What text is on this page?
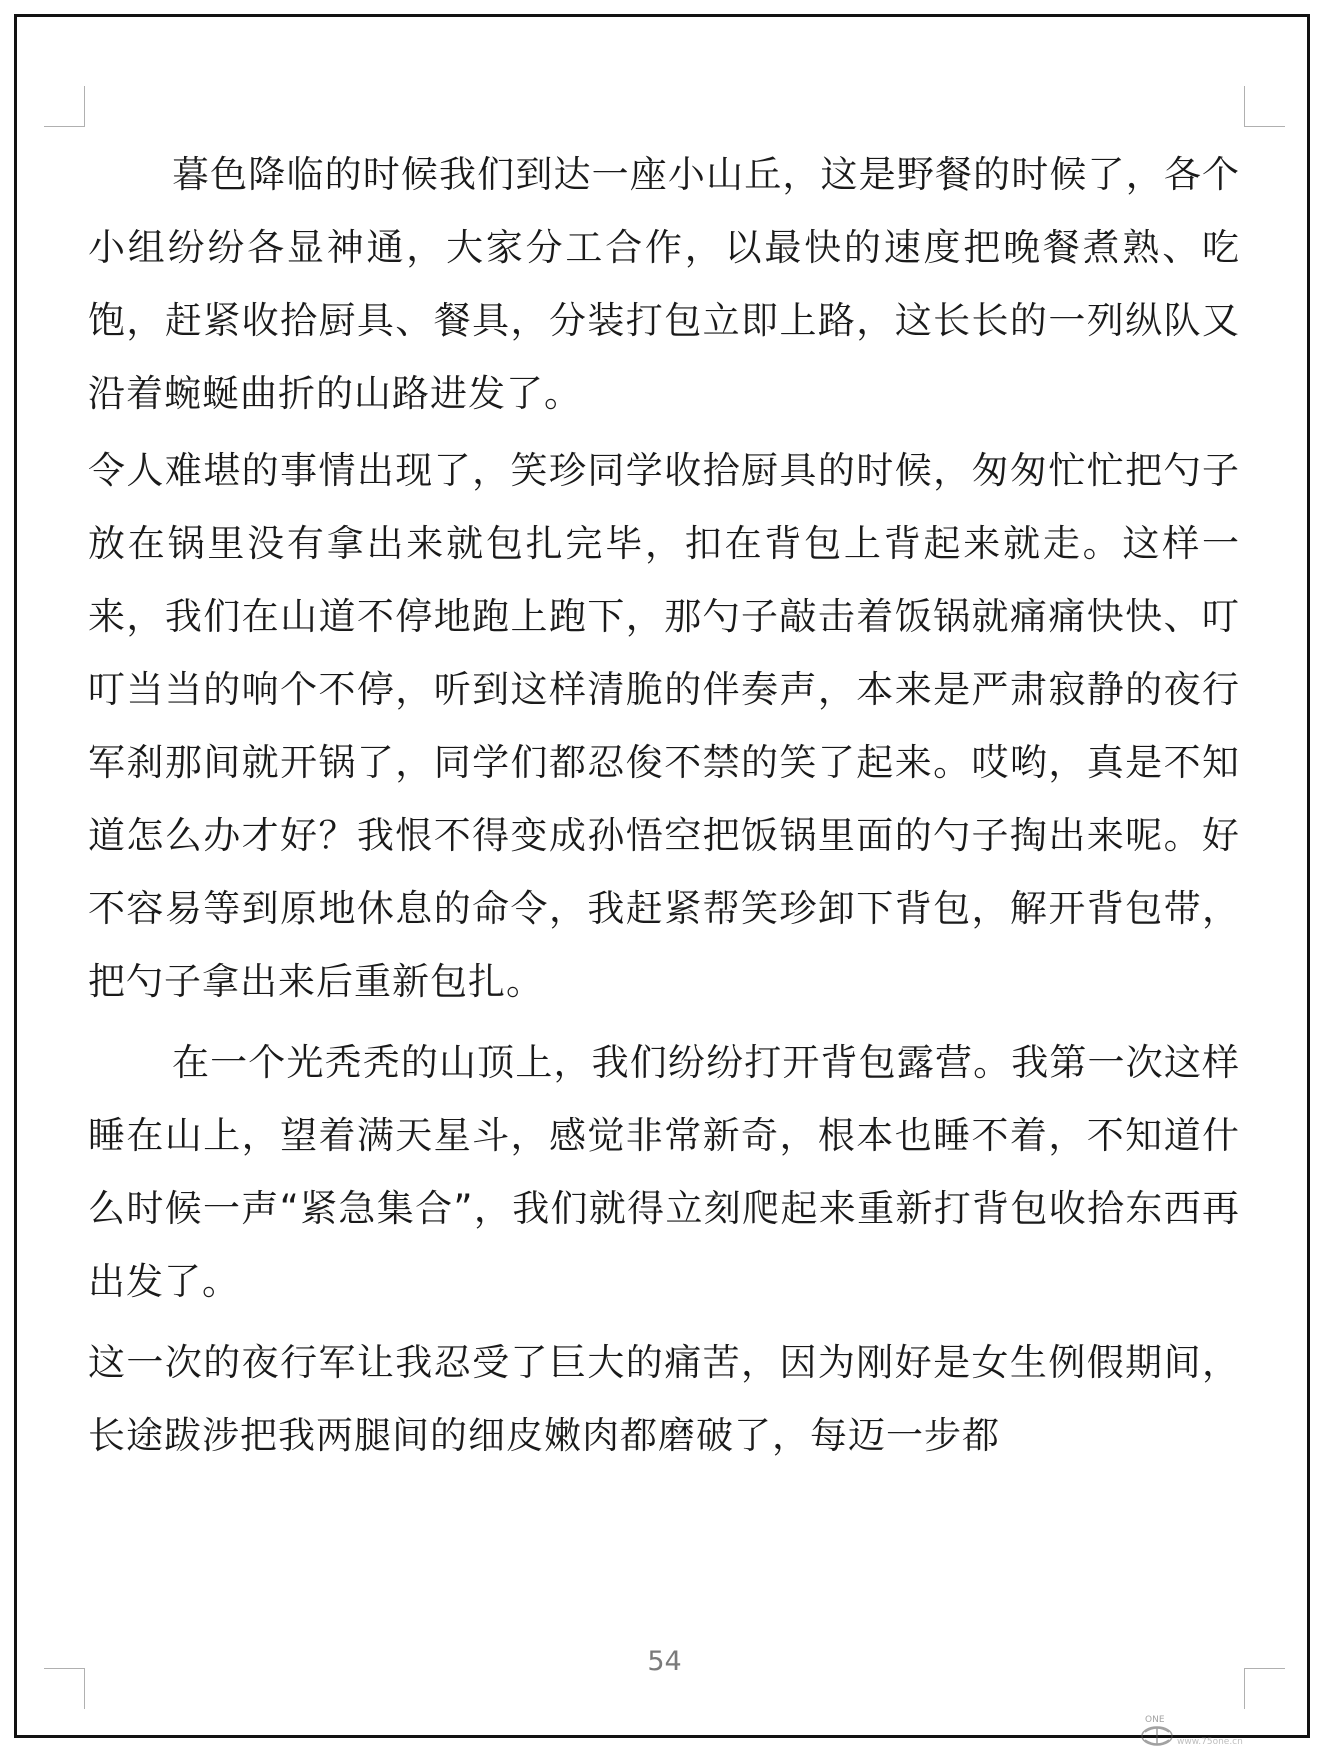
暮色降临的时候我们到达一座小山丘，这是野餐的时候了，各个小组纷纷各显神通，大家分工合作，以最快的速度把晚餐煮熟、吃饱，赶紧收拾厨具、餐具，分装打包立即上路，这长长的一列纵队又沿着蜿蜒曲折的山路进发了。

令人难堪的事情出现了，笑珍同学收拾厨具的时候，匆匆忙忙把勺子放在锅里没有拿出来就包扎完毕，扣在背包上背起来就走。这样一来，我们在山道不停地跑上跑下，那勺子敲击着饭锅就痛痛快快、叮叮当当的响个不停，听到这样清脆的伴奏声，本来是严肃寂静的夜行军刹那间就开锅了，同学们都忍俊不禁的笑了起来。哎哟，真是不知道怎么办才好？我恨不得变成孙悟空把饭锅里面的勺子掏出来呢。好不容易等到原地休息的命令，我赶紧帮笑珍卸下背包，解开背包带，把勺子拿出来后重新包扎。

在一个光秃秃的山顶上，我们纷纷打开背包露营。我第一次这样睡在山上，望着满天星斗，感觉非常新奇，根本也睡不着，不知道什么时候一声“紧急集合”，我们就得立刻爬起来重新打背包收拾东西再出发了。

这一次的夜行军让我忍受了巨大的痛苦，因为刚好是女生例假期间，长途跋涉把我两腿间的细皮嫩肉都磨破了，每迈一步都

54
ONE
www.75one.cn
